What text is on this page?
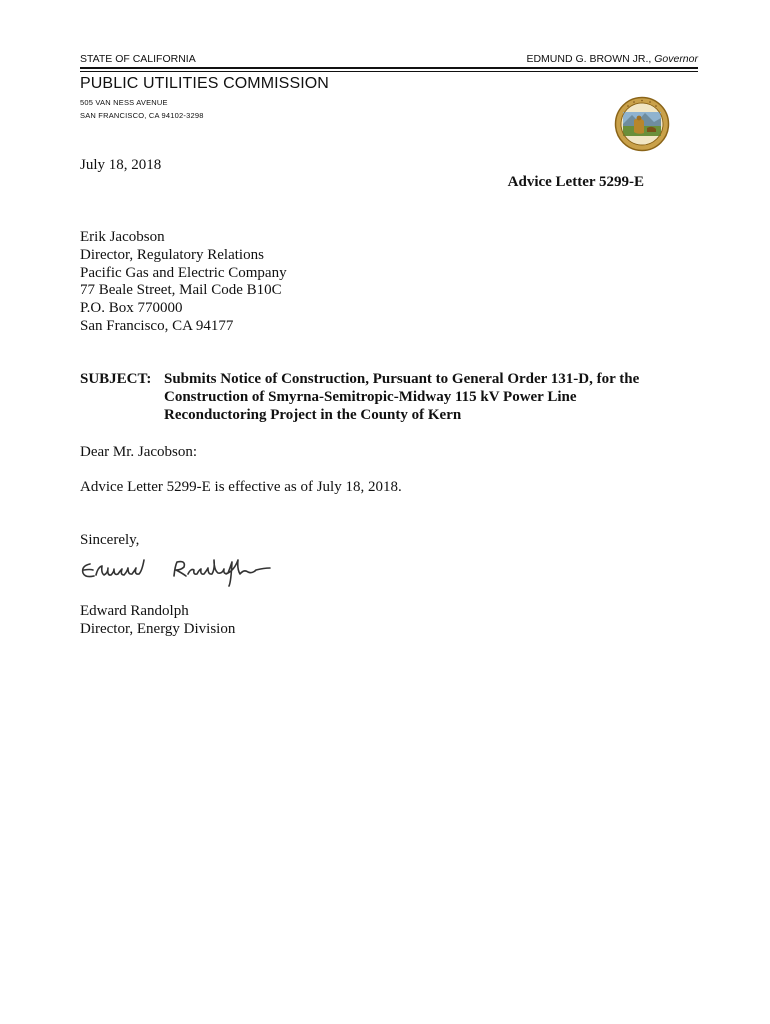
STATE OF CALIFORNIA	EDMUND G. BROWN JR., Governor
PUBLIC UTILITIES COMMISSION
505 VAN NESS AVENUE
SAN FRANCISCO, CA 94102-3298
July 18, 2018
Advice Letter 5299-E
Erik Jacobson
Director, Regulatory Relations
Pacific Gas and Electric Company
77 Beale Street, Mail Code B10C
P.O. Box 770000
San Francisco, CA 94177
SUBJECT: Submits Notice of Construction, Pursuant to General Order 131-D, for the
Construction of Smyrna-Semitropic-Midway 115 kV Power Line
Reconductoring Project in the County of Kern
Dear Mr. Jacobson:
Advice Letter 5299-E is effective as of July 18, 2018.
Sincerely,
Edward Randolph
Director, Energy Division
